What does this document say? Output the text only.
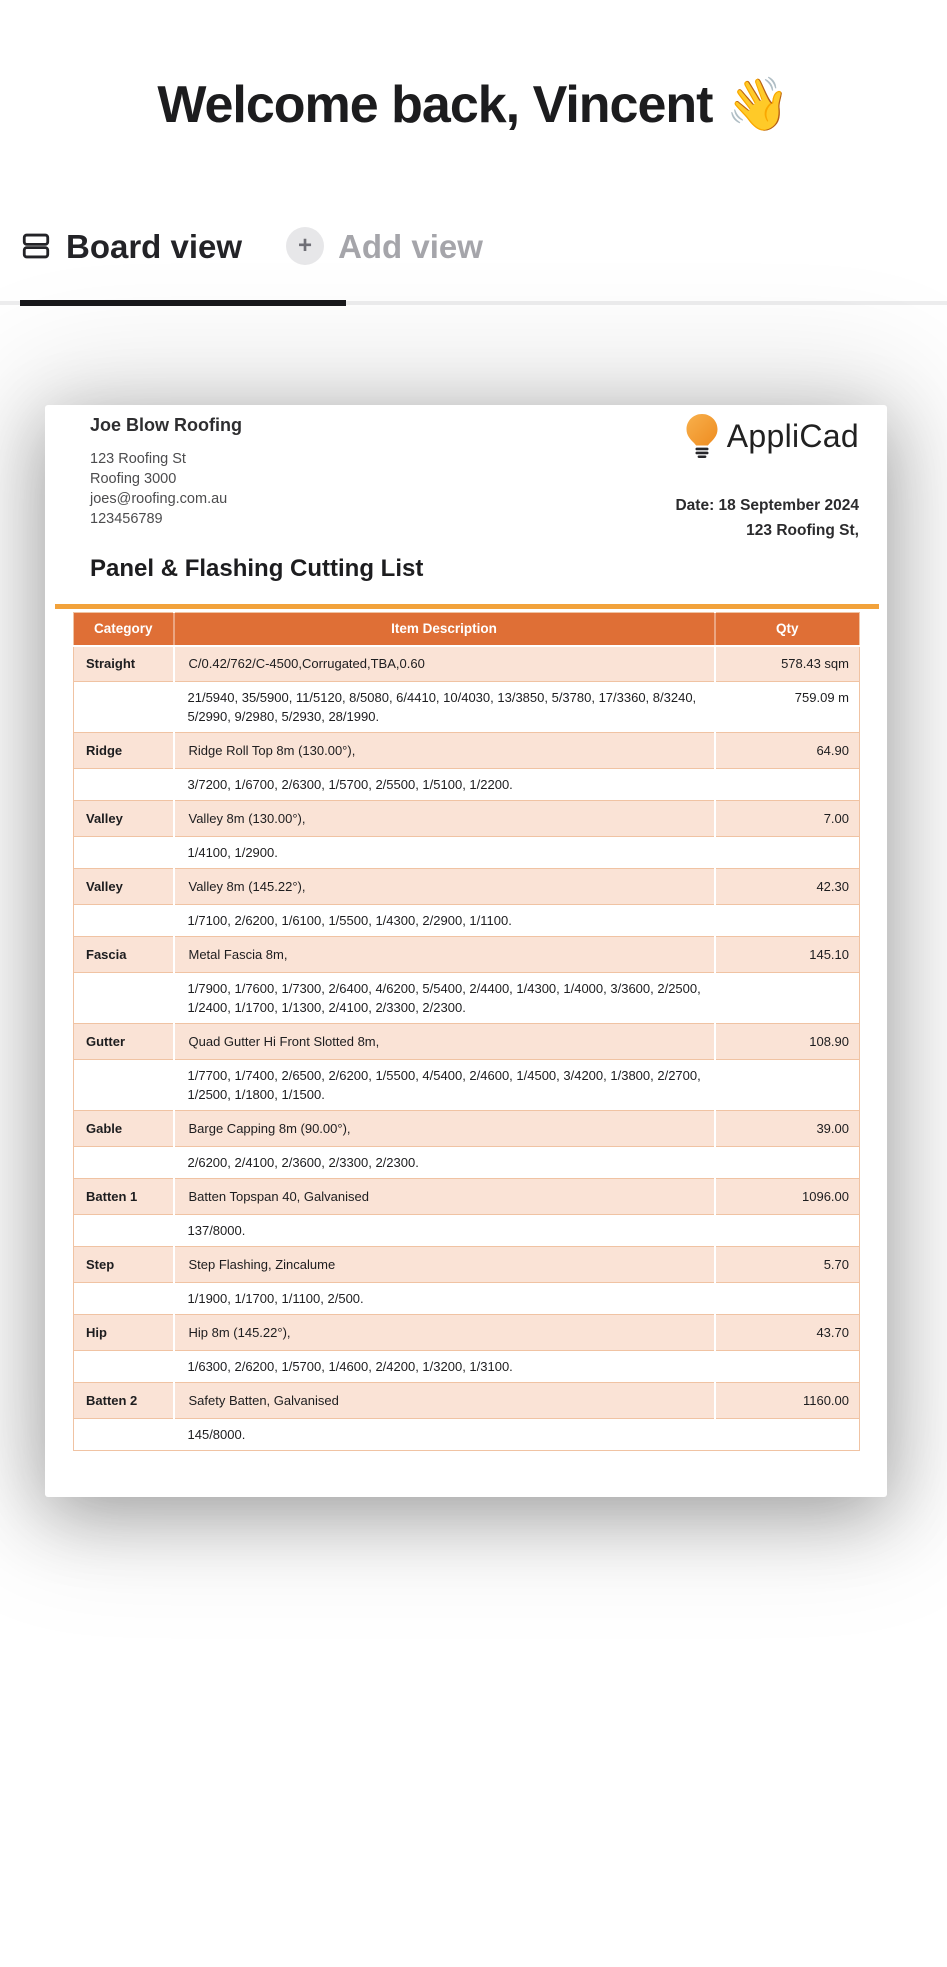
Welcome back, Vincent 👋
Board view	+ Add view
Joe Blow Roofing
123 Roofing St
Roofing 3000
joes@roofing.com.au
123456789
AppliCad
Date: 18 September 2024
123 Roofing St,
Panel & Flashing Cutting List
Category	Item Description	Qty
Straight	C/0.42/762/C-4500,Corrugated,TBA,0.60	578.43 sqm
	21/5940, 35/5900, 11/5120, 8/5080, 6/4410, 10/4030, 13/3850, 5/3780, 17/3360, 8/3240, 5/2990, 9/2980, 5/2930, 28/1990.	759.09 m
Ridge	Ridge Roll Top 8m (130.00°),	64.90
	3/7200, 1/6700, 2/6300, 1/5700, 2/5500, 1/5100, 1/2200.	
Valley	Valley 8m (130.00°),	7.00
	1/4100, 1/2900.	
Valley	Valley 8m (145.22°),	42.30
	1/7100, 2/6200, 1/6100, 1/5500, 1/4300, 2/2900, 1/1100.	
Fascia	Metal Fascia 8m,	145.10
	1/7900, 1/7600, 1/7300, 2/6400, 4/6200, 5/5400, 2/4400, 1/4300, 1/4000, 3/3600, 2/2500, 1/2400, 1/1700, 1/1300, 2/4100, 2/3300, 2/2300.	
Gutter	Quad Gutter Hi Front Slotted 8m,	108.90
	1/7700, 1/7400, 2/6500, 2/6200, 1/5500, 4/5400, 2/4600, 1/4500, 3/4200, 1/3800, 2/2700, 1/2500, 1/1800, 1/1500.	
Gable	Barge Capping 8m (90.00°),	39.00
	2/6200, 2/4100, 2/3600, 2/3300, 2/2300.	
Batten 1	Batten Topspan 40, Galvanised	1096.00
	137/8000.	
Step	Step Flashing, Zincalume	5.70
	1/1900, 1/1700, 1/1100, 2/500.	
Hip	Hip 8m (145.22°),	43.70
	1/6300, 2/6200, 1/5700, 1/4600, 2/4200, 1/3200, 1/3100.	
Batten 2	Safety Batten, Galvanised	1160.00
	145/8000.	
